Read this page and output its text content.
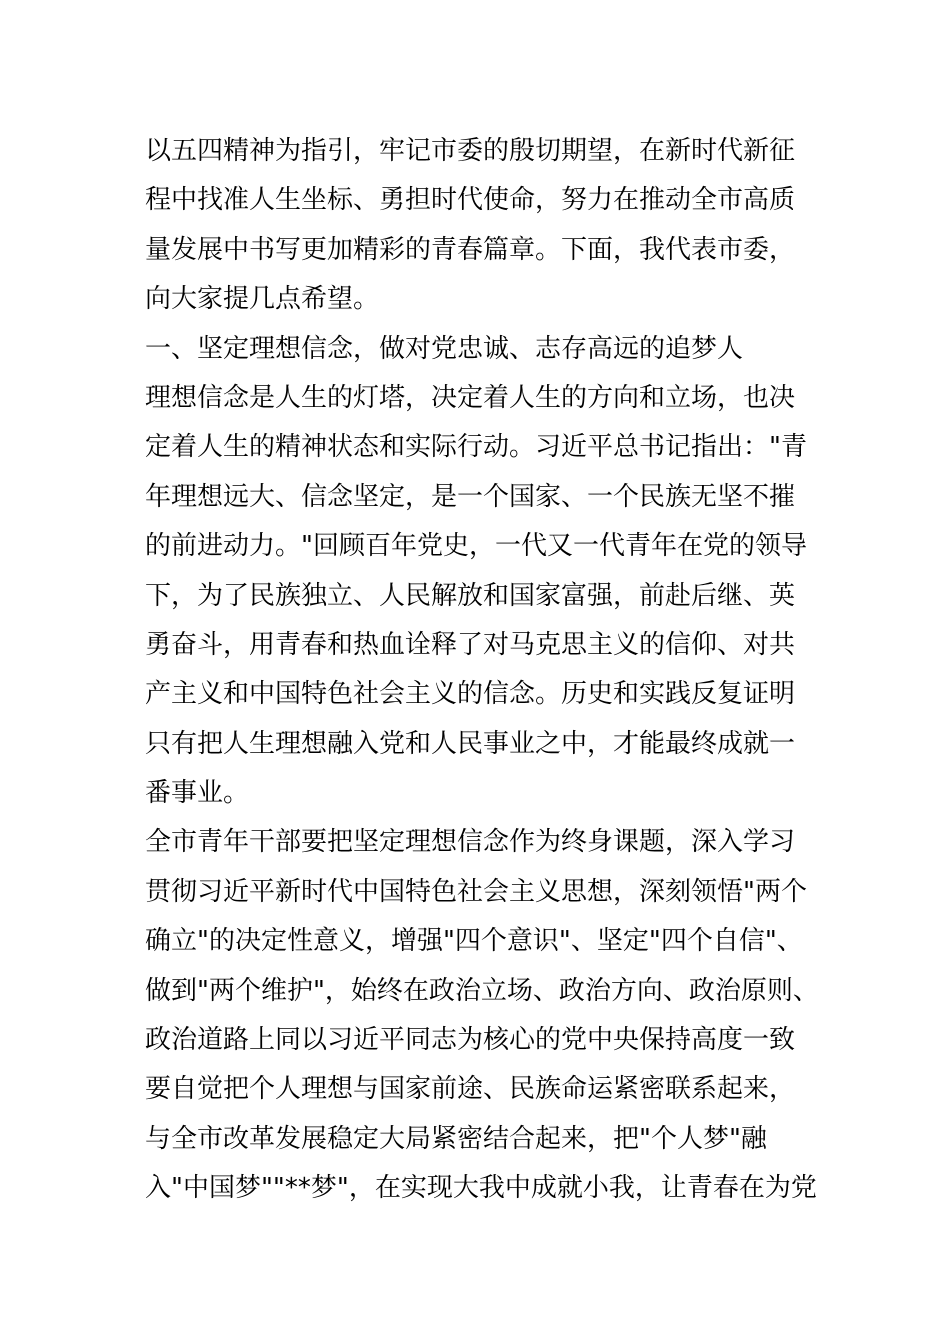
以五四精神为指引，牢记市委的殷切期望，在新时代新征
程中找准人生坐标、勇担时代使命，努力在推动全市高质
量发展中书写更加精彩的青春篇章。下面，我代表市委，
向大家提几点希望。
一、坚定理想信念，做对党忠诚、志存高远的追梦人
理想信念是人生的灯塔，决定着人生的方向和立场，也决
定着人生的精神状态和实际行动。习近平总书记指出："青
年理想远大、信念坚定，是一个国家、一个民族无坚不摧
的前进动力。"回顾百年党史，一代又一代青年在党的领导
下，为了民族独立、人民解放和国家富强，前赴后继、英
勇奋斗，用青春和热血诠释了对马克思主义的信仰、对共
产主义和中国特色社会主义的信念。历史和实践反复证明
只有把人生理想融入党和人民事业之中，才能最终成就一
番事业。
全市青年干部要把坚定理想信念作为终身课题，深入学习
贯彻习近平新时代中国特色社会主义思想，深刻领悟"两个
确立"的决定性意义，增强"四个意识"、坚定"四个自信"、
做到"两个维护"，始终在政治立场、政治方向、政治原则、
政治道路上同以习近平同志为核心的党中央保持高度一致
要自觉把个人理想与国家前途、民族命运紧密联系起来，
与全市改革发展稳定大局紧密结合起来，把"个人梦"融
入"中国梦""**梦"，在实现大我中成就小我，让青春在为党
